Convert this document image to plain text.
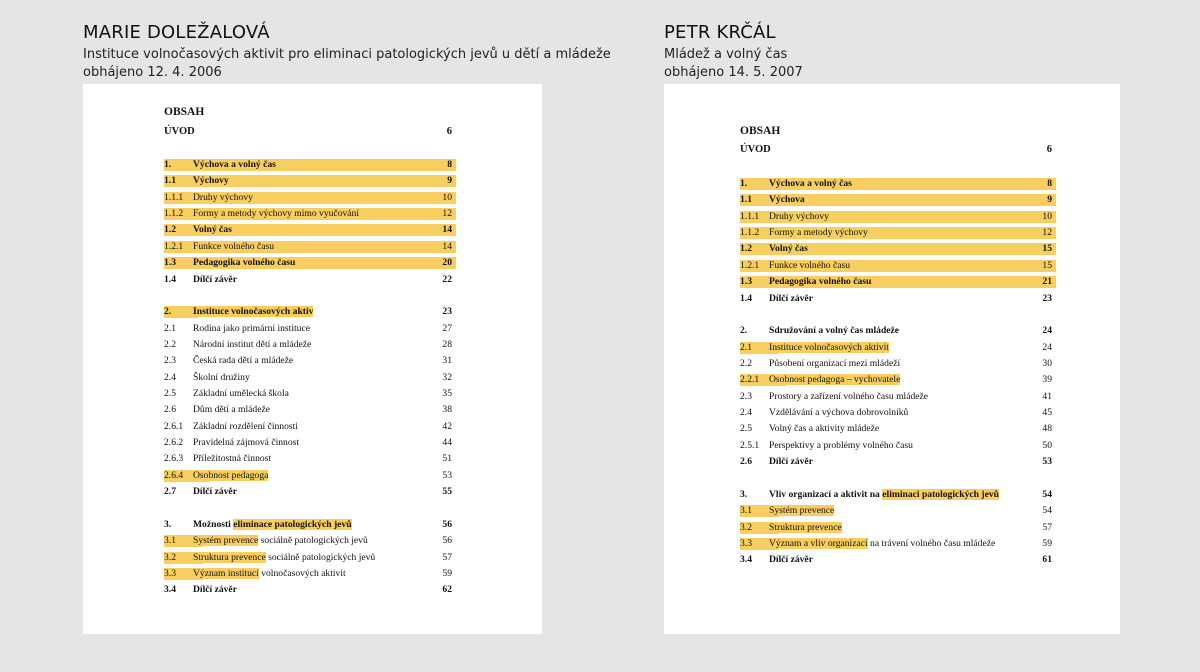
MARIE DOLEŽALOVÁ
Instituce volnočasových aktivit pro eliminaci patologických jevů u dětí a mládeže
obhájeno 12. 4. 2006
PETR KRČÁL
Mládež a volný čas
obhájeno 14. 5. 2007
OBSAH
ÚVOD	6
1. Výchova a volný čas	8
1.1 Výchovy	9
1.1.1 Druhy výchovy	10
1.1.2 Formy a metody výchovy mimo vyučování	12
1.2 Volný čas	14
1.2.1 Funkce volného času	14
1.3 Pedagogika volného času	20
1.4 Dílčí závěr	22
2.	Instituce volnočasových aktiv	23
2.1 Rodina jako primární instituce	27
2.2 Národní institut dětí a mládeže	28
2.3 Česká rada dětí a mládeže	31
2.4 Školní družiny	32
2.5 Základní umělecká škola	35
2.6 Dům dětí a mládeže	38
2.6.1 Základní rozdělení činnosti	42
2.6.2 Pravidelná zájmová činnost	44
2.6.3 Příležitostná činnost	51
2.6.4	Osobnost pedagoga	53
2.7 Dílčí závěr	55
3. Možnosti eliminace patologických jevů	56
3.1	Systém prevence sociálně patologických jevů	56
3.2	Struktura prevence sociálně patologických jevů	57
3.3	Význam institucí volnočasových aktivit	59
3.4 Dílčí závěr	62
OBSAH
ÚVOD	6
1. Výchova a volný čas	8
1.1 Výchova	9
1.1.1 Druhy výchovy	10
1.1.2 Formy a metody výchovy	12
1.2 Volný čas	15
1.2.1 Funkce volného času	15
1.3 Pedagogika volného času	21
1.4 Dílčí závěr	23
2. Sdružování a volný čas mládeže	24
2.1	Instituce volnočasových aktivit	24
2.2 Působení organizací mezi mládeží	30
2.2.1	Osobnost pedagoga – vychovatele	39
2.3 Prostory a zařízení volného času mládeže	41
2.4 Vzdělávání a výchova dobrovolníků	45
2.5 Volný čas a aktivity mládeže	48
2.5.1 Perspektivy a problémy volného času	50
2.6 Dílčí závěr	53
3. Vliv organizací a aktivit na eliminaci patologických jevů	54
3.1	Systém prevence	54
3.2	Struktura prevence	57
3.3	Význam a vliv organizací na trávení volného času mládeže	59
3.4 Dílčí závěr	61
